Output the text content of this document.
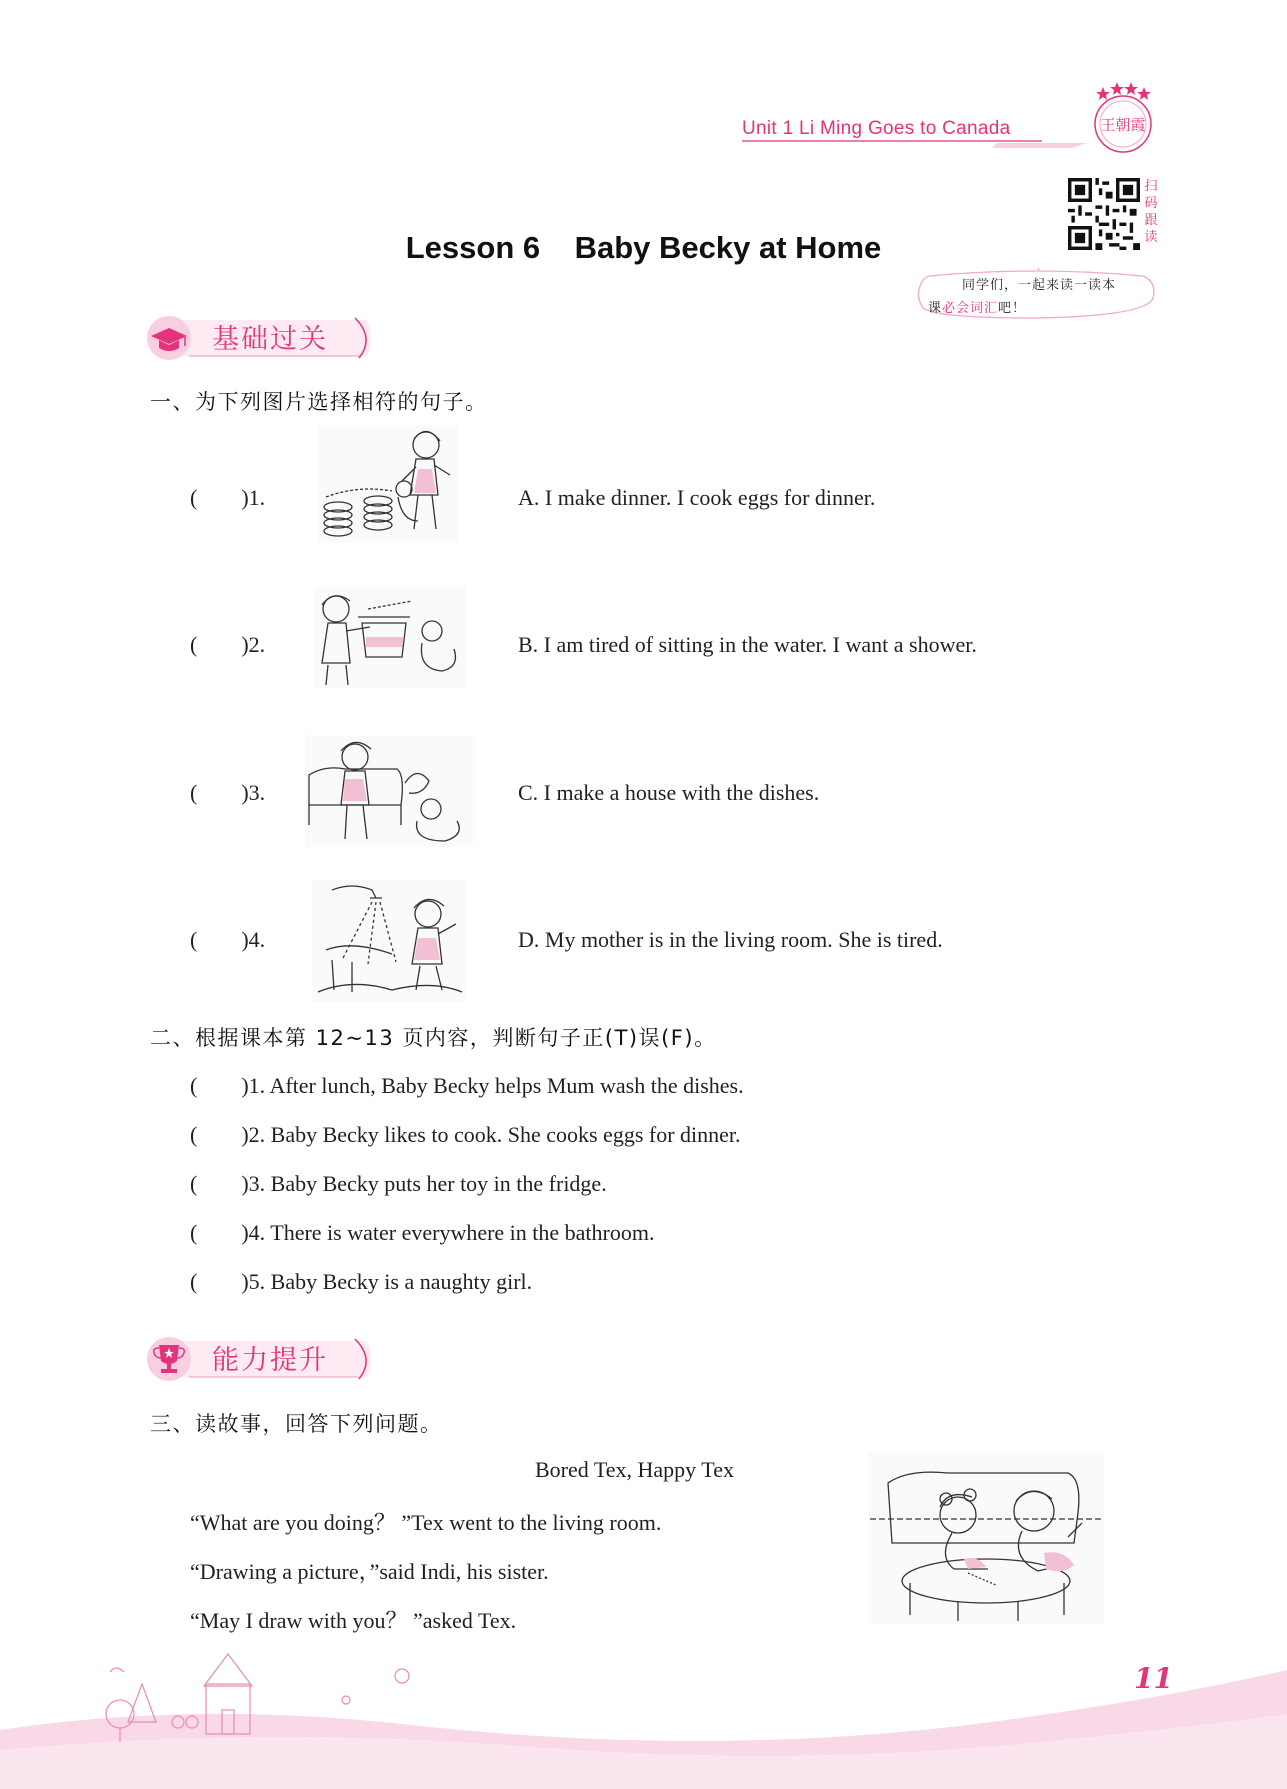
Unit 1 Li Ming Goes to Canada	王朝霞
扫码跟读
同学们，一起来读一读本
课必会词汇吧！
Lesson 6    Baby Becky at Home
基础过关
一、为下列图片选择相符的句子。
(        )1.	A. I make dinner. I cook eggs for dinner.
(        )2.	B. I am tired of sitting in the water. I want a shower.
(        )3.	C. I make a house with the dishes.
(        )4.	D. My mother is in the living room. She is tired.
二、根据课本第 12~13 页内容，判断句子正(T)误(F)。
(        )1. After lunch, Baby Becky helps Mum wash the dishes.
(        )2. Baby Becky likes to cook. She cooks eggs for dinner.
(        )3. Baby Becky puts her toy in the fridge.
(        )4. There is water everywhere in the bathroom.
(        )5. Baby Becky is a naughty girl.
能力提升
三、读故事，回答下列问题。
Bored Tex, Happy Tex
“What are you doing？ ”Tex went to the living room.
“Drawing a picture，”said Indi, his sister.
“May I draw with you？ ”asked Tex.
11
